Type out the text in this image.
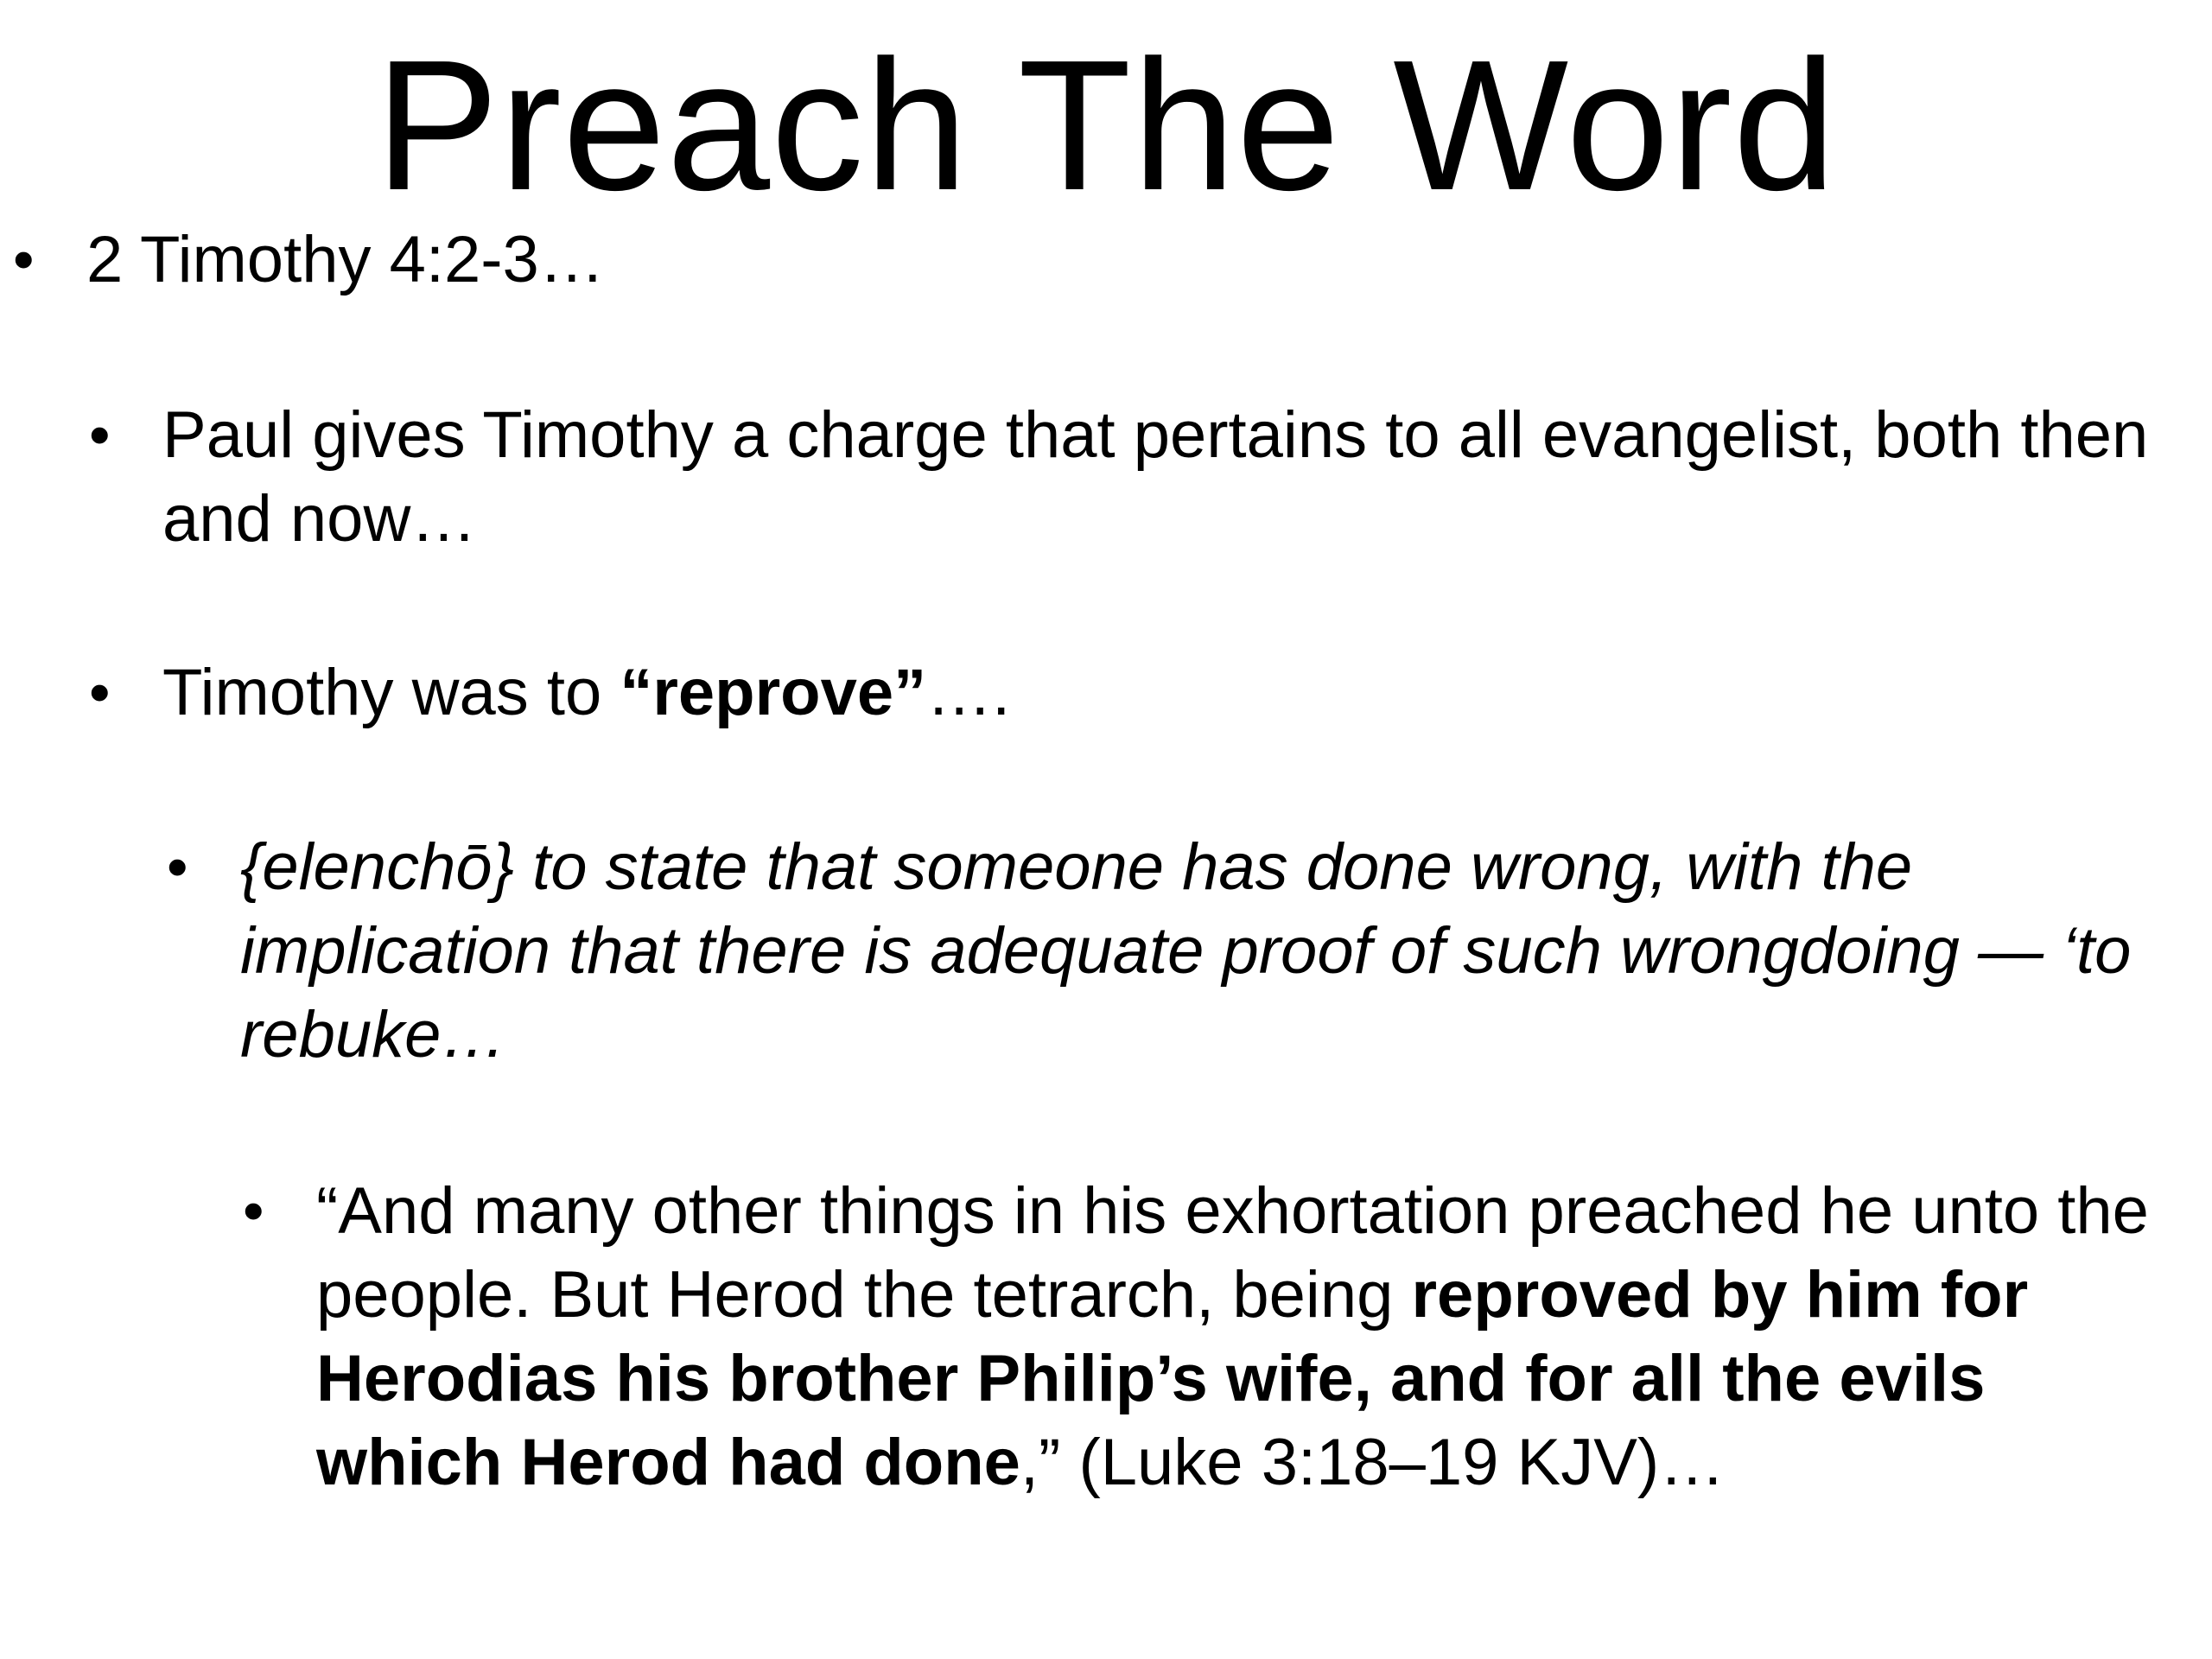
Preach The Word
• 2 Timothy 4:2-3…
• Paul gives Timothy a charge that pertains to all evangelist, both then and now…
• Timothy was to “reprove”….
• {elenchō} to state that someone has done wrong, with the implication that there is adequate proof of such wrongdoing — ‘to rebuke…
• “And many other things in his exhortation preached he unto the people. But Herod the tetrarch, being reproved by him for Herodias his brother Philip’s wife, and for all the evils which Herod had done,” (Luke 3:18–19 KJV)…
